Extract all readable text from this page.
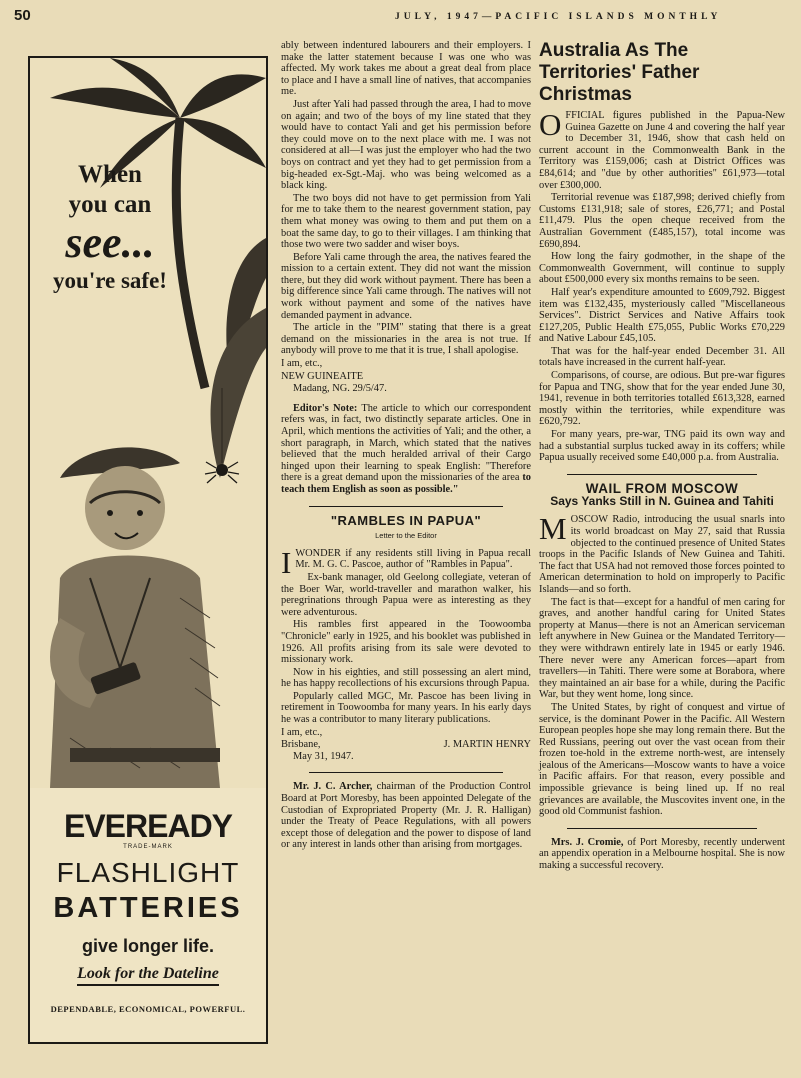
50	JULY, 1947—PACIFIC ISLANDS MONTHLY
When
you can
see...
you're safe!
EVEREADY
TRADE-MARK
FLASHLIGHT
BATTERIES
give longer life.
Look for the Dateline
DEPENDABLE, ECONOMICAL, POWERFUL.

ably between indentured labourers and their employers. I make the latter statement because I was one who was affected. My work takes me about a great deal from place to place and I have a small line of natives, that accompanies me.

Just after Yali had passed through the area, I had to move on again; and two of the boys of my line stated that they would have to contact Yali and get his permission before they could move on to the next place with me. I was not considered at all—I was just the employer who had the two boys on contract and yet they had to get permission from a big-headed ex-Sgt.-Maj. who was being welcomed as a black king.

The two boys did not have to get permission from Yali for me to take them to the nearest government station, pay them what money was owing to them and put them on a boat the same day, to go to their villages. I am thinking that those two were two sadder and wiser boys.

Before Yali came through the area, the natives feared the mission to a certain extent. They did not want the mission there, but they did work without payment. There has been a big difference since Yali came through. The natives will not work without payment and some of the natives have demanded payment in advance.

The article in the "PIM" stating that there is a great demand on the missionaries in the area is not true. If anybody will prove to me that it is true, I shall apologise.

I am, etc.,

NEW GUINEAITE

Madang, NG. 29/5/47.

Editor's Note: The article to which our correspondent refers was, in fact, two distinctly separate articles. One in April, which mentions the activities of Yali; and the other, a short paragraph, in March, which stated that the natives believed that the much heralded arrival of their Cargo hinged upon their learning to speak English: "Therefore there is a great demand upon the missionaries of the area to teach them English as soon as possible."

"RAMBLES IN PAPUA"
Letter to the Editor

IWONDER if any residents still living in Papua recall Mr. M. G. C. Pascoe, author of "Rambles in Papua".

Ex-bank manager, old Geelong collegiate, veteran of the Boer War, world-traveller and marathon walker, his peregrinations through Papua were as interesting as they were adventurous.

His rambles first appeared in the Toowoomba "Chronicle" early in 1925, and his booklet was published in 1926. All profits arising from its sale were devoted to missionary work.

Now in his eighties, and still possessing an alert mind, he has happy recollections of his excursions through Papua.

Popularly called MGC, Mr. Pascoe has been living in retirement in Toowoomba for many years. In his early days he was a contributor to many literary publications.

I am, etc.,

Brisbane,	J. MARTIN HENRY

May 31, 1947.

Mr. J. C. Archer, chairman of the Production Control Board at Port Moresby, has been appointed Delegate of the Custodian of Expropriated Property (Mr. J. R. Halligan) under the Treaty of Peace Regulations, with all powers except those of delegation and the power to dispose of land or any interest in lands other than arising from mortgages.

Australia As The Territories' Father Christmas

OFFICIAL figures published in the Papua-New Guinea Gazette on June 4 and covering the half year to December 31, 1946, show that cash held on current account in the Commonwealth Bank in the Territory was £159,006; cash at District Offices was £84,614; and "due by other authorities" £61,973—total over £300,000.

Territorial revenue was £187,998; derived chiefly from Customs £131,918; sale of stores, £26,771; and Postal £11,479. Plus the open cheque received from the Australian Government (£485,157), total income was £690,894.

How long the fairy godmother, in the shape of the Commonwealth Government, will continue to supply about £500,000 every six months remains to be seen.

Half year's expenditure amounted to £609,792. Biggest item was £132,435, mysteriously called "Miscellaneous Services". District Services and Native Affairs took £127,205, Public Health £75,055, Public Works £70,229 and Native Labour £45,105.

That was for the half-year ended December 31. All totals have increased in the current half-year.

Comparisons, of course, are odious. But pre-war figures for Papua and TNG, show that for the year ended June 30, 1941, revenue in both territories totalled £613,328, earned mostly within the territories, while expenditure was £620,792.

For many years, pre-war, TNG paid its own way and had a substantial surplus tucked away in its coffers; while Papua usually received some £40,000 p.a. from Australia.

WAIL FROM MOSCOW
Says Yanks Still in N. Guinea and Tahiti

MOSCOW Radio, introducing the usual snarls into its world broadcast on May 27, said that Russia objected to the continued presence of United States troops in the Pacific Islands of New Guinea and Tahiti. The fact that USA had not removed those forces pointed to American determination to hold on improperly to Pacific Islands—and so forth.

The fact is that—except for a handful of men caring for graves, and another handful caring for United States property at Manus—there is not an American serviceman left anywhere in New Guinea or the Mandated Territory—they were withdrawn entirely late in 1945 or early 1946. There never were any American forces—apart from travellers—in Tahiti. There were some at Borabora, where they maintained an air base for a while, during the Pacific War, but they went home, long since.

The United States, by right of conquest and virtue of service, is the dominant Power in the Pacific. All Western European peoples hope she may long remain there. But the Red Russians, peering out over the vast ocean from their frozen toe-hold in the extreme north-west, are intensely jealous of the Americans—Moscow wants to have a voice in Pacific affairs. For that reason, every possible and impossible grievance is being lined up. If no real grievances are available, the Muscovites invent one, in the good old Communist fashion.

Mrs. J. Cromie, of Port Moresby, recently underwent an appendix operation in a Melbourne hospital. She is now making a successful recovery.
